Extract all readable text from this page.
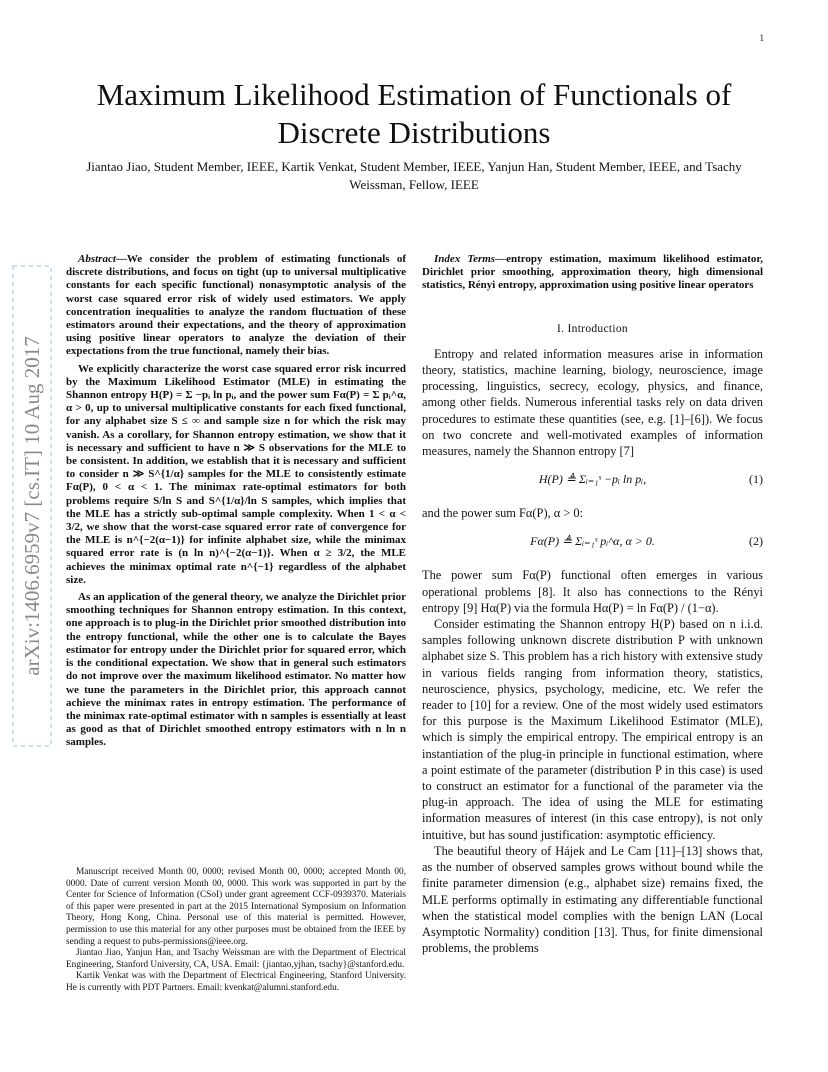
1
Maximum Likelihood Estimation of Functionals of Discrete Distributions
Jiantao Jiao, Student Member, IEEE, Kartik Venkat, Student Member, IEEE, Yanjun Han, Student Member, IEEE, and Tsachy Weissman, Fellow, IEEE
arXiv:1406.6959v7 [cs.IT] 10 Aug 2017

Abstract—We consider the problem of estimating functionals of discrete distributions, and focus on tight (up to universal multiplicative constants for each specific functional) nonasymptotic analysis of the worst case squared error risk of widely used estimators. We apply concentration inequalities to analyze the random fluctuation of these estimators around their expectations, and the theory of approximation using positive linear operators to analyze the deviation of their expectations from the true functional, namely their bias.

We explicitly characterize the worst case squared error risk incurred by the Maximum Likelihood Estimator (MLE) in estimating the Shannon entropy H(P) = Σ −pᵢ ln pᵢ, and the power sum Fα(P) = Σ pᵢ^α, α > 0, up to universal multiplicative constants for each fixed functional, for any alphabet size S ≤ ∞ and sample size n for which the risk may vanish. As a corollary, for Shannon entropy estimation, we show that it is necessary and sufficient to have n ≫ S observations for the MLE to be consistent. In addition, we establish that it is necessary and sufficient to consider n ≫ S^{1/α} samples for the MLE to consistently estimate Fα(P), 0 < α < 1. The minimax rate-optimal estimators for both problems require S/ln S and S^{1/α}/ln S samples, which implies that the MLE has a strictly sub-optimal sample complexity. When 1 < α < 3/2, we show that the worst-case squared error rate of convergence for the MLE is n^{−2(α−1)} for infinite alphabet size, while the minimax squared error rate is (n ln n)^{−2(α−1)}. When α ≥ 3/2, the MLE achieves the minimax optimal rate n^{−1} regardless of the alphabet size.

As an application of the general theory, we analyze the Dirichlet prior smoothing techniques for Shannon entropy estimation. In this context, one approach is to plug-in the Dirichlet prior smoothed distribution into the entropy functional, while the other one is to calculate the Bayes estimator for entropy under the Dirichlet prior for squared error, which is the conditional expectation. We show that in general such estimators do not improve over the maximum likelihood estimator. No matter how we tune the parameters in the Dirichlet prior, this approach cannot achieve the minimax rates in entropy estimation. The performance of the minimax rate-optimal estimator with n samples is essentially at least as good as that of Dirichlet smoothed entropy estimators with n ln n samples.

Manuscript received Month 00, 0000; revised Month 00, 0000; accepted Month 00, 0000. Date of current version Month 00, 0000. This work was supported in part by the Center for Science of Information (CSoI) under grant agreement CCF-0939370. Materials of this paper were presented in part at the 2015 International Symposium on Information Theory, Hong Kong, China. Personal use of this material is permitted. However, permission to use this material for any other purposes must be obtained from the IEEE by sending a request to pubs-permissions@ieee.org.

Jiantao Jiao, Yanjun Han, and Tsachy Weissman are with the Department of Electrical Engineering, Stanford University, CA, USA. Email: {jiantao,yjhan, tsachy}@stanford.edu.

Kartik Venkat was with the Department of Electrical Engineering, Stanford University. He is currently with PDT Partners. Email: kvenkat@alumni.stanford.edu.

Index Terms—entropy estimation, maximum likelihood estimator, Dirichlet prior smoothing, approximation theory, high dimensional statistics, Rényi entropy, approximation using positive linear operators

I. Introduction

Entropy and related information measures arise in information theory, statistics, machine learning, biology, neuroscience, image processing, linguistics, secrecy, ecology, physics, and finance, among other fields. Numerous inferential tasks rely on data driven procedures to estimate these quantities (see, e.g. [1]–[6]). We focus on two concrete and well-motivated examples of information measures, namely the Shannon entropy [7]

H(P) ≜ Σᵢ₌₁ˢ −pᵢ ln pᵢ,	(1)

and the power sum Fα(P), α > 0:

Fα(P) ≜ Σᵢ₌₁ˢ pᵢ^α, α > 0.	(2)

The power sum Fα(P) functional often emerges in various operational problems [8]. It also has connections to the Rényi entropy [9] Hα(P) via the formula Hα(P) = ln Fα(P) / (1−α).

Consider estimating the Shannon entropy H(P) based on n i.i.d. samples following unknown discrete distribution P with unknown alphabet size S. This problem has a rich history with extensive study in various fields ranging from information theory, statistics, neuroscience, physics, psychology, medicine, etc. We refer the reader to [10] for a review. One of the most widely used estimators for this purpose is the Maximum Likelihood Estimator (MLE), which is simply the empirical entropy. The empirical entropy is an instantiation of the plug-in principle in functional estimation, where a point estimate of the parameter (distribution P in this case) is used to construct an estimator for a functional of the parameter via the plug-in approach. The idea of using the MLE for estimating information measures of interest (in this case entropy), is not only intuitive, but has sound justification: asymptotic efficiency.

The beautiful theory of Hájek and Le Cam [11]–[13] shows that, as the number of observed samples grows without bound while the finite parameter dimension (e.g., alphabet size) remains fixed, the MLE performs optimally in estimating any differentiable functional when the statistical model complies with the benign LAN (Local Asymptotic Normality) condition [13]. Thus, for finite dimensional problems, the problems
